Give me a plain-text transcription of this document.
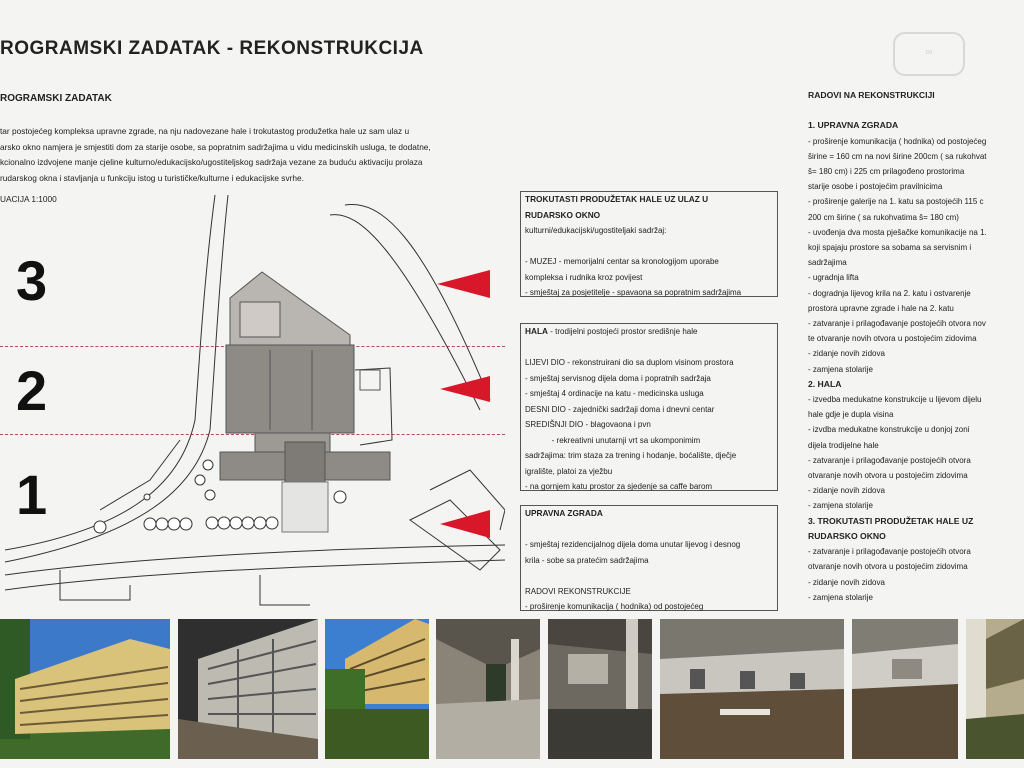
ROGRAMSKI ZADATAK - REKONSTRUKCIJA	∞
ROGRAMSKI ZADATAK
tar postojećeg kompleksa upravne zgrade, na nju nadovezane hale i trokutastog produžetka hale uz sam ulaz u
arsko okno namjera je smjestiti dom za starije osobe, sa popratnim sadržajima u vidu medicinskih usluga, te dodatne,
kcionalno izdvojene manje cjeline kulturno/edukacijsko/ugostiteljskog sadržaja vezane za buduću aktivaciju prolaza
rudarskog okna i stavljanja u funkciju istog u turističke/kulturne i edukacijske svrhe.
UACIJA 1:1000
3
2
1
TROKUTASTI PRODUŽETAK HALE UZ ULAZ U
RUDARSKO OKNO
kulturni/edukacijski/ugostiteljaki sadržaj:

- MUZEJ - memorijalni centar sa kronologijom uporabe
kompleksa i rudnika kroz povijest
- smještaj za posjetitelje - spavaona sa popratnim sadržajima
HALA - trodijelni postojeći prostor središnje hale

LIJEVI DIO - rekonstruirani dio sa duplom visinom prostora
- smještaj servisnog dijela doma i popratnih sadržaja
- smještaj 4 ordinacije na katu - medicinska usluga
DESNI DIO - zajednički sadržaji doma i dnevni centar
SREDIŠNJI DIO - blagovaona i pvn
- rekreativni unutarnji vrt sa ukomponimim
sadržajima: trim staza za trening i hodanje, boćalište, dječje
igralište, platoi za vježbu
- na gornjem katu prostor za sjedenje sa caffe barom
UPRAVNA ZGRADA

- smještaj rezidencijalnog dijela doma unutar lijevog i desnog
krila - sobe sa pratećim sadržajima

RADOVI REKONSTRUKCIJE
- proširenje komunikacija ( hodnika) od postojećeg
RADOVI NA REKONSTRUKCIJI

1. UPRAVNA ZGRADA
- proširenje komunikacija ( hodnika) od postojećeg
širine = 160 cm na novi širine 200cm ( sa rukohvat
š= 180 cm) i 225 cm prilagođeno prostorima
starije osobe i postojećim pravilnicima
- proširenje galerije na 1. katu sa postojećih 115 c
200 cm širine ( sa rukohvatima š= 180 cm)
- uvođenja dva mosta pješačke komunikacije na 1.
koji spajaju prostore sa sobama sa servisnim i
sadržajima
- ugradnja lifta
- dogradnja lijevog krila na 2. katu i ostvarenje
prostora upravne zgrade i hale na 2. katu
- zatvaranje i prilagođavanje postojećih otvora nov
te otvaranje novih otvora u postojećim zidovima
- zidanje novih zidova
- zamjena stolarije
2. HALA
- izvedba medukatne konstrukcije u lijevom dijelu
hale gdje je dupla visina
- izvdba medukatne konstrukcije u donjoj zoni
dijela trodijelne hale
- zatvaranje i prilagođavanje postojećih otvora
otvaranje novih otvora u postojećim zidovima
- zidanje novih zidova
- zamjena stolarije
3. TROKUTASTI PRODUŽETAK HALE UZ
RUDARSKO OKNO
- zatvaranje i prilagođavanje postojećih otvora
otvaranje novih otvora u postojećim zidovima
- zidanje novih zidova
- zamjena stolarije
